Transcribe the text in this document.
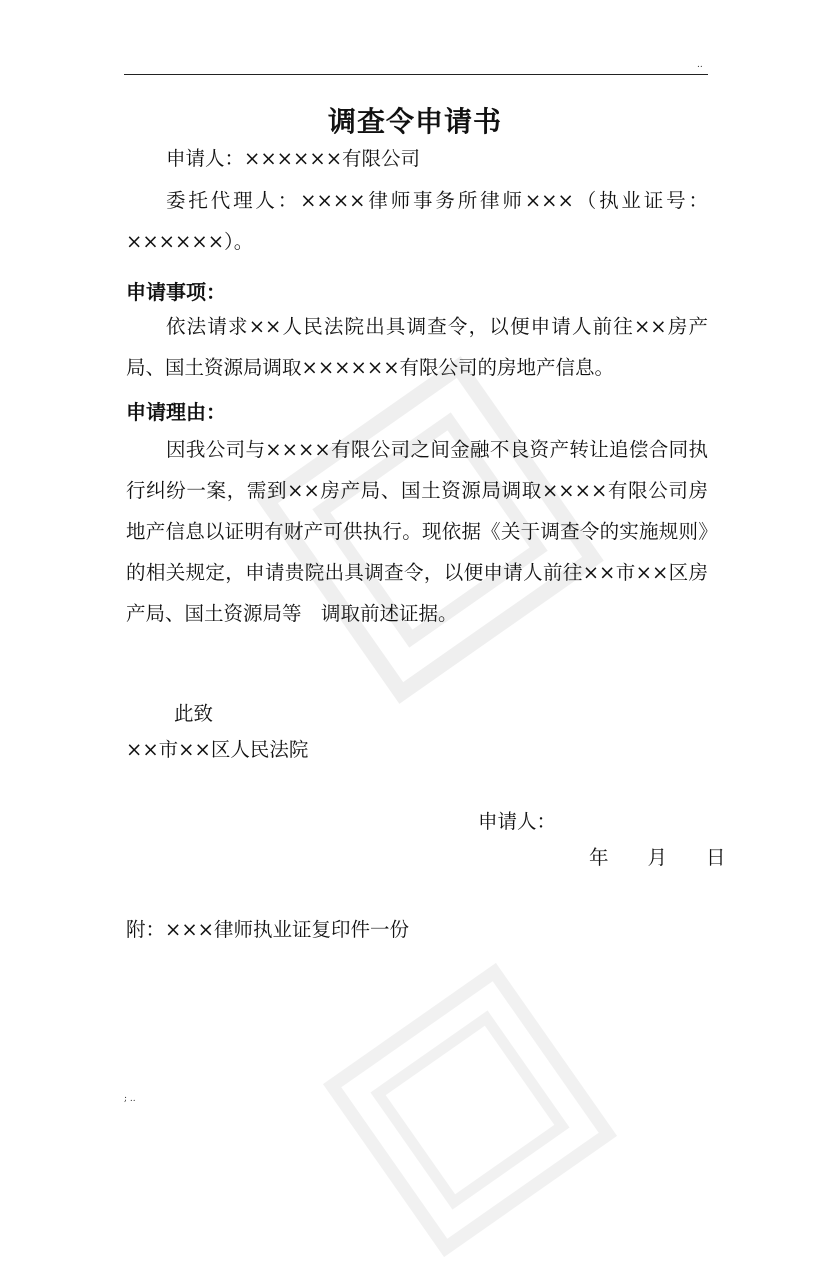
..
调查令申请书
申请人：××××××有限公司
委托代理人：××××律师事务所律师×××（执业证号：××××××）。
申请事项：
依法请求××人民法院出具调查令，以便申请人前往××房产局、国土资源局调取××××××有限公司的房地产信息。
申请理由：
因我公司与××××有限公司之间金融不良资产转让追偿合同执行纠纷一案，需到××房产局、国土资源局调取××××有限公司房地产信息以证明有财产可供执行。现依据《关于调查令的实施规则》的相关规定，申请贵院出具调查令，以便申请人前往××市××区房产局、国土资源局等　调取前述证据。
此致
××市××区人民法院
申请人：
年　　月　　日
附：×××律师执业证复印件一份
; ..
